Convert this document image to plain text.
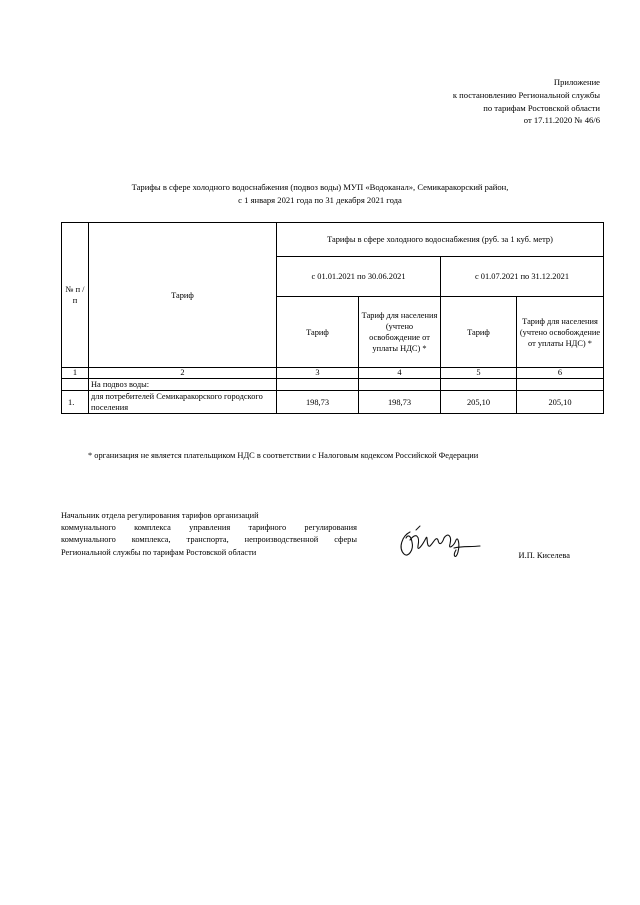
Приложение
к постановлению Региональной службы
по тарифам Ростовской области
от 17.11.2020 № 46/6
Тарифы в сфере холодного водоснабжения (подвоз воды) МУП «Водоканал», Семикаракорский район,
с 1 января 2021 года по 31 декабря 2021 года
№ п /п	Тариф	Тарифы в сфере холодного водоснабжения (руб. за 1 куб. метр)			
		с 01.01.2021 по 30.06.2021		с 01.07.2021 по 31.12.2021	
		Тариф	Тариф для населения (учтено освобождение от уплаты НДС) *	Тариф	Тариф для населения (учтено освобождение от уплаты НДС) *
1	2	3	4	5	6
	На подвоз воды:				
1.	для потребителей Семикаракорского городского поселения	198,73	198,73	205,10	205,10
* организация не является плательщиком НДС в соответствии с Налоговым кодексом Российской Федерации
Начальник отдела регулирования тарифов организаций
коммунального комплекса управления тарифного регулирования
коммунального комплекса, транспорта, непроизводственной сферы
Региональной службы по тарифам Ростовской области	И.П. Киселева
